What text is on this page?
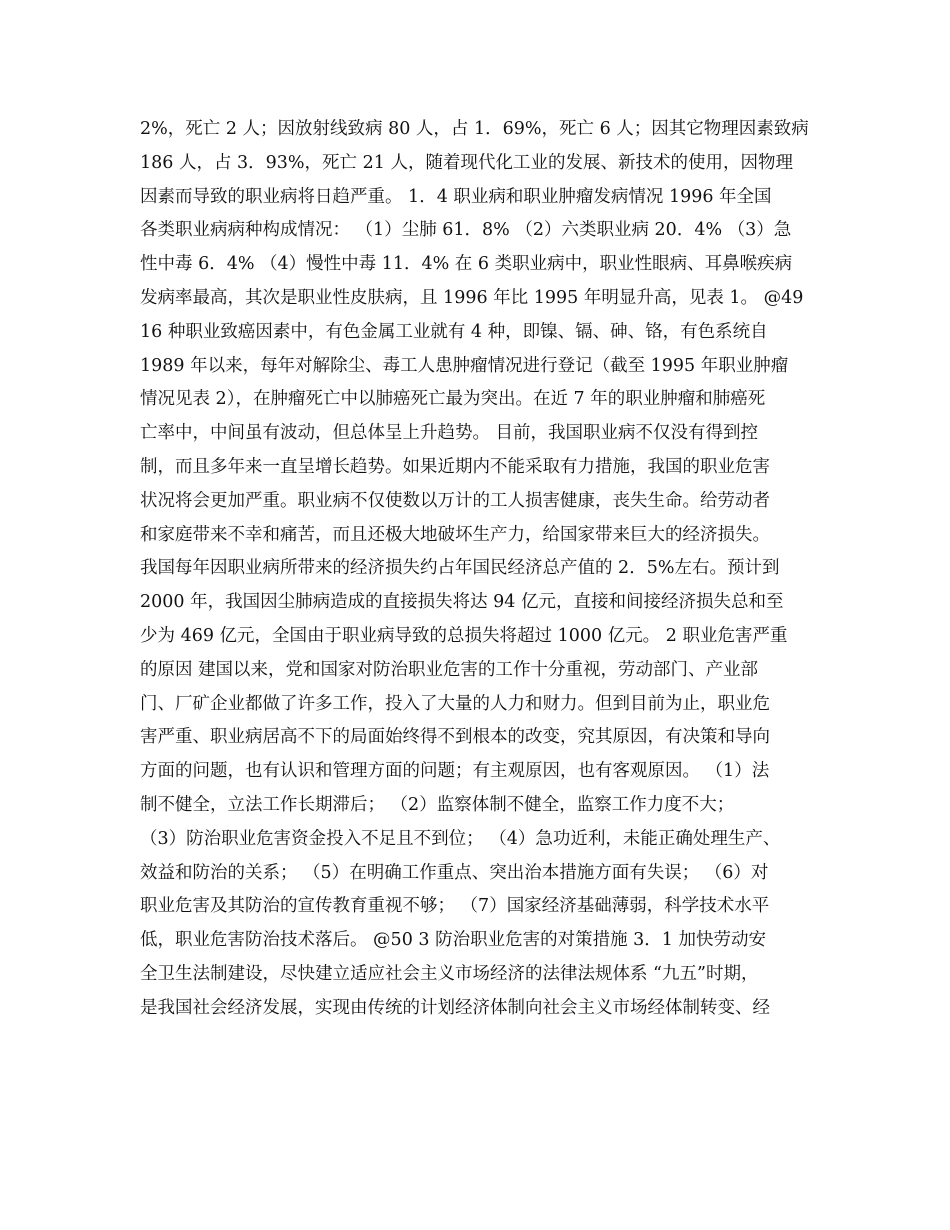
2%，死亡 2 人；因放射线致病 80 人，占 1．69%，死亡 6 人；因其它物理因素致病
186 人，占 3．93%，死亡 21 人，随着现代化工业的发展、新技术的使用，因物理
因素而导致的职业病将日趋严重。 1．4 职业病和职业肿瘤发病情况 1996 年全国
各类职业病病种构成情况： （1）尘肺 61．8% （2）六类职业病 20．4% （3）急
性中毒 6．4% （4）慢性中毒 11．4% 在 6 类职业病中，职业性眼病、耳鼻喉疾病
发病率最高，其次是职业性皮肤病，且 1996 年比 1995 年明显升高，见表 1。 @49
16 种职业致癌因素中，有色金属工业就有 4 种，即镍、镉、砷、铬，有色系统自
1989 年以来，每年对解除尘、毒工人患肿瘤情况进行登记（截至 1995 年职业肿瘤
情况见表 2），在肿瘤死亡中以肺癌死亡最为突出。在近 7 年的职业肿瘤和肺癌死
亡率中，中间虽有波动，但总体呈上升趋势。 目前，我国职业病不仅没有得到控
制，而且多年来一直呈增长趋势。如果近期内不能采取有力措施，我国的职业危害
状况将会更加严重。职业病不仅使数以万计的工人损害健康，丧失生命。给劳动者
和家庭带来不幸和痛苦，而且还极大地破坏生产力，给国家带来巨大的经济损失。
我国每年因职业病所带来的经济损失约占年国民经济总产值的 2．5%左右。预计到
2000 年，我国因尘肺病造成的直接损失将达 94 亿元，直接和间接经济损失总和至
少为 469 亿元，全国由于职业病导致的总损失将超过 1000 亿元。 2 职业危害严重
的原因 建国以来，党和国家对防治职业危害的工作十分重视，劳动部门、产业部
门、厂矿企业都做了许多工作，投入了大量的人力和财力。但到目前为止，职业危
害严重、职业病居高不下的局面始终得不到根本的改变，究其原因，有决策和导向
方面的问题，也有认识和管理方面的问题；有主观原因，也有客观原因。 （1）法
制不健全，立法工作长期滞后； （2）监察体制不健全，监察工作力度不大；
（3）防治职业危害资金投入不足且不到位； （4）急功近利，未能正确处理生产、
效益和防治的关系； （5）在明确工作重点、突出治本措施方面有失误； （6）对
职业危害及其防治的宣传教育重视不够； （7）国家经济基础薄弱，科学技术水平
低，职业危害防治技术落后。 @50 3 防治职业危害的对策措施 3．1 加快劳动安
全卫生法制建设，尽快建立适应社会主义市场经济的法律法规体系 “九五”时期，
是我国社会经济发展，实现由传统的计划经济体制向社会主义市场经体制转变、经
